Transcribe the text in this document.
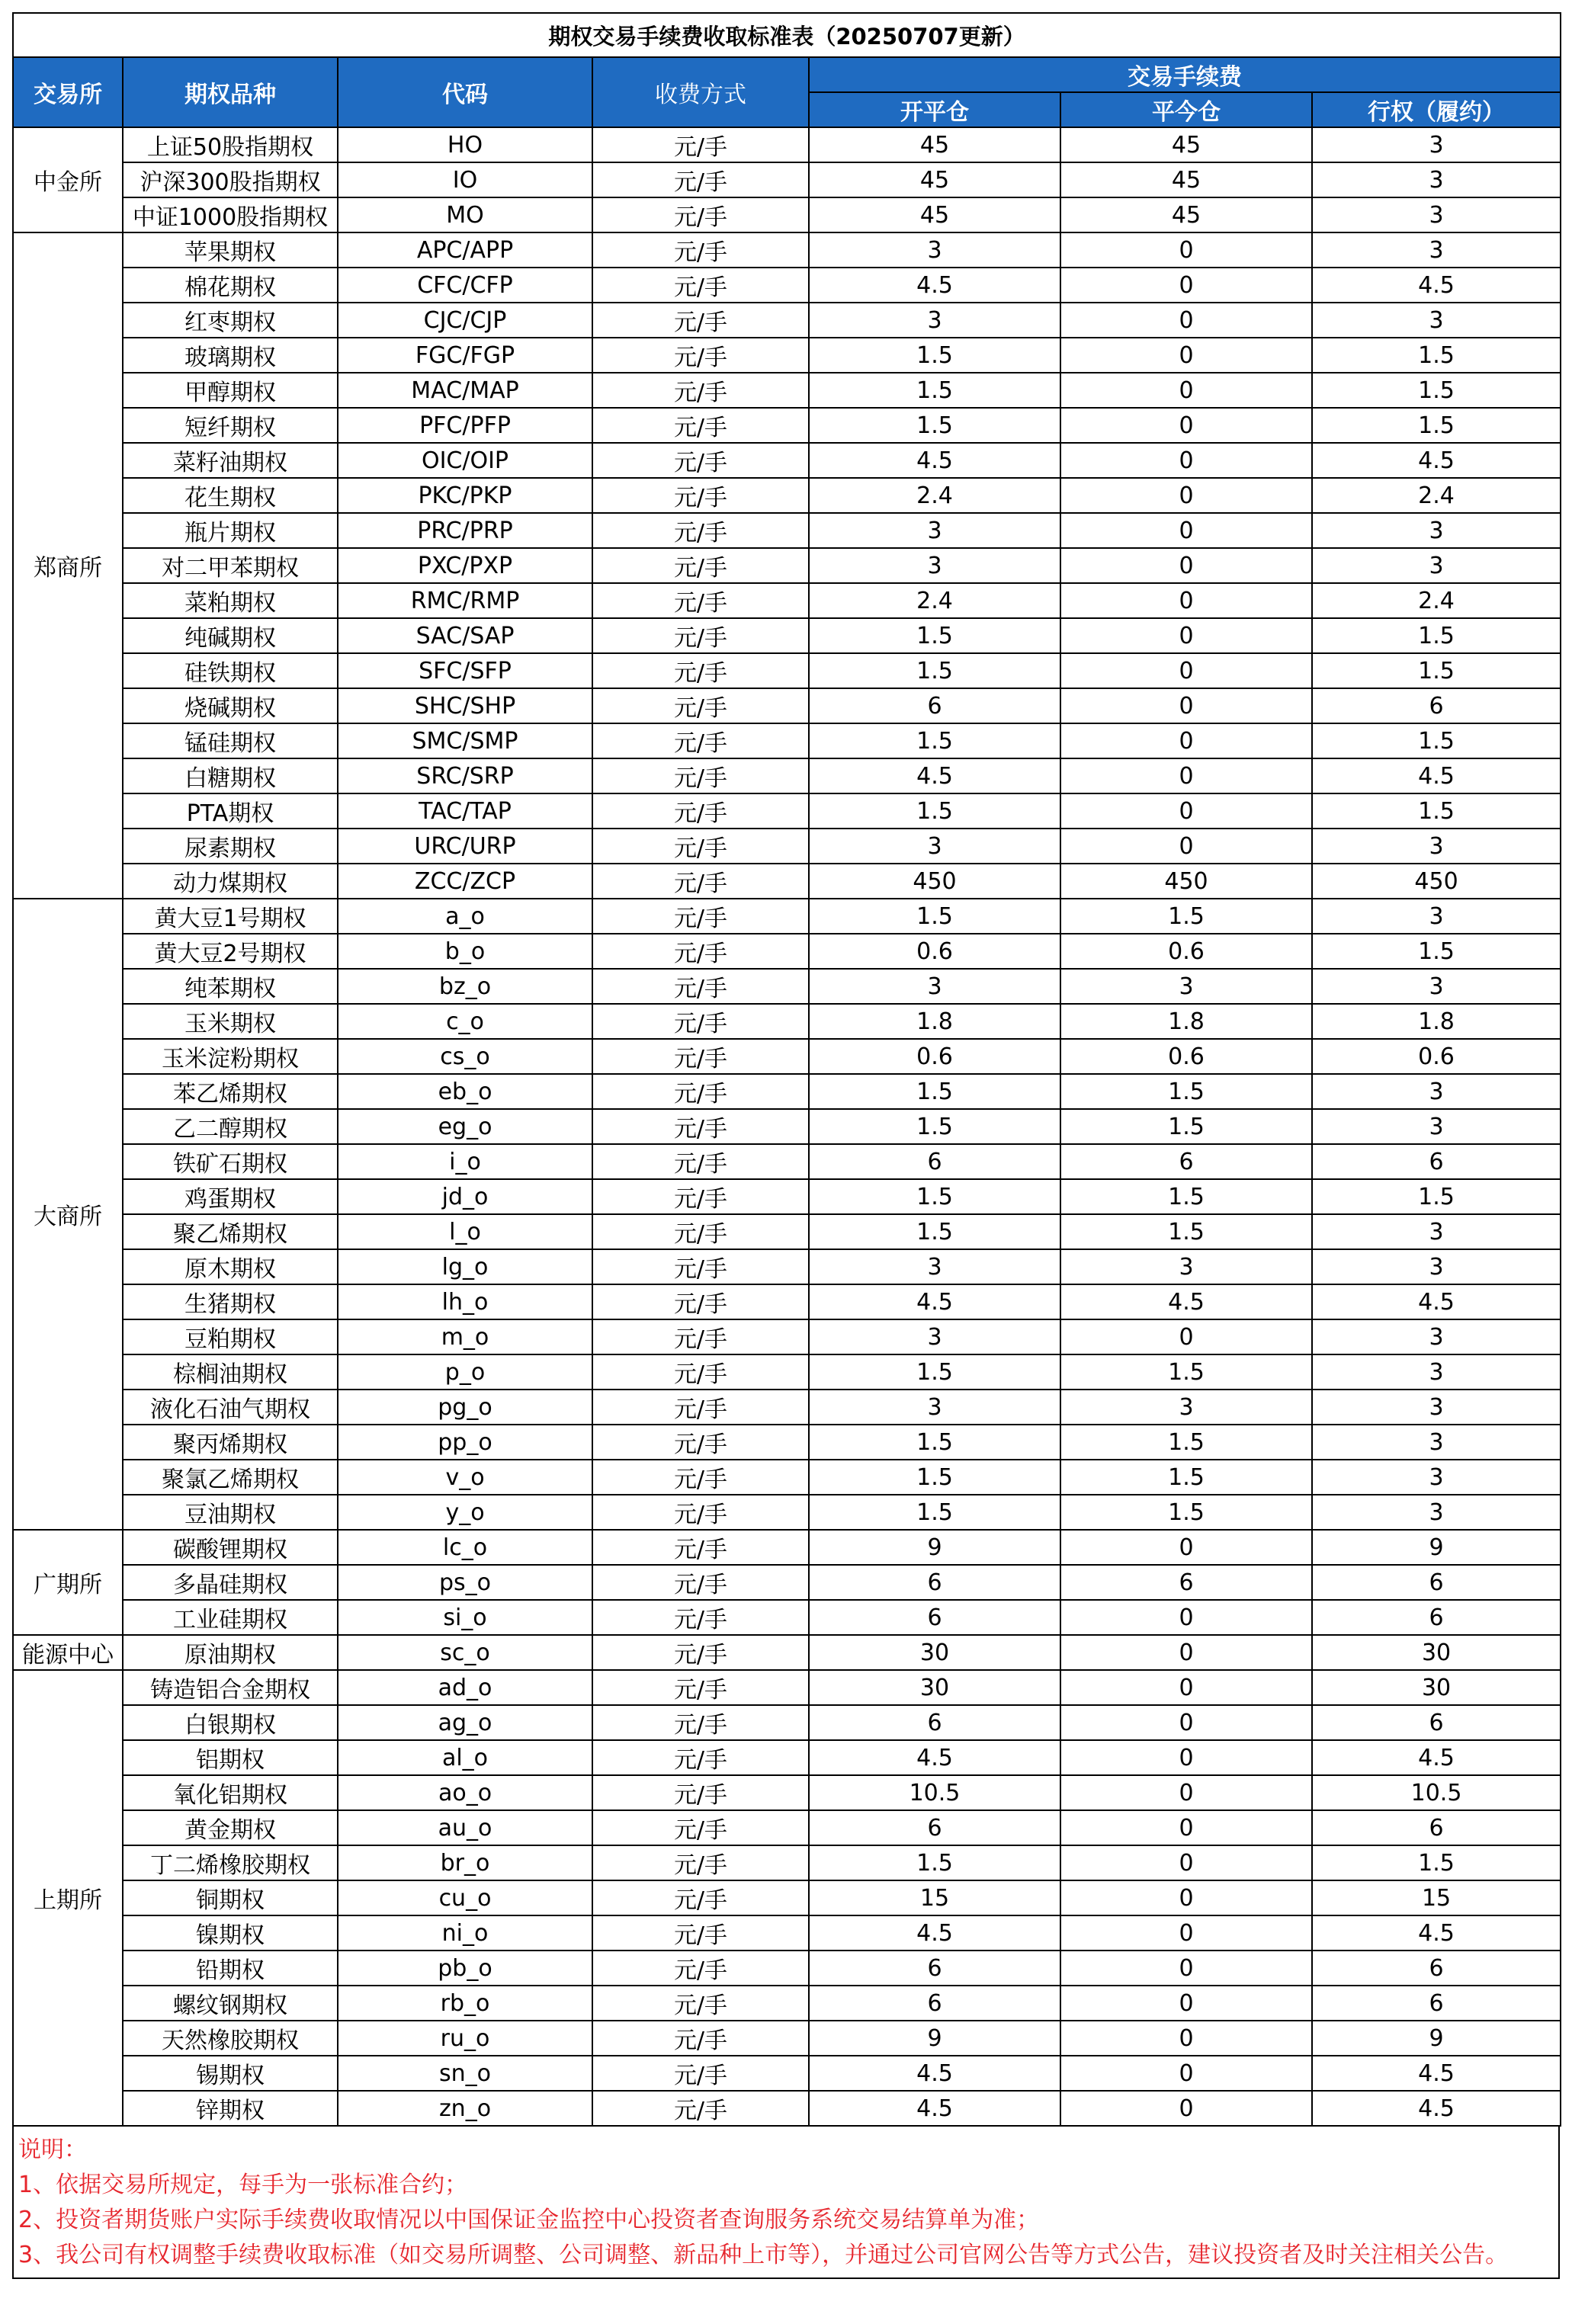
期权交易手续费收取标准表（20250707更新）						
交易所	期权品种	代码	收费方式	交易手续费		
				开平仓	平今仓	行权（履约）
中金所	上证50股指期权	HO	元/手	45	45	3
	沪深300股指期权	IO	元/手	45	45	3
	中证1000股指期权	MO	元/手	45	45	3
郑商所	苹果期权	APC/APP	元/手	3	0	3
	棉花期权	CFC/CFP	元/手	4.5	0	4.5
	红枣期权	CJC/CJP	元/手	3	0	3
	玻璃期权	FGC/FGP	元/手	1.5	0	1.5
	甲醇期权	MAC/MAP	元/手	1.5	0	1.5
	短纤期权	PFC/PFP	元/手	1.5	0	1.5
	菜籽油期权	OIC/OIP	元/手	4.5	0	4.5
	花生期权	PKC/PKP	元/手	2.4	0	2.4
	瓶片期权	PRC/PRP	元/手	3	0	3
	对二甲苯期权	PXC/PXP	元/手	3	0	3
	菜粕期权	RMC/RMP	元/手	2.4	0	2.4
	纯碱期权	SAC/SAP	元/手	1.5	0	1.5
	硅铁期权	SFC/SFP	元/手	1.5	0	1.5
	烧碱期权	SHC/SHP	元/手	6	0	6
	锰硅期权	SMC/SMP	元/手	1.5	0	1.5
	白糖期权	SRC/SRP	元/手	4.5	0	4.5
	PTA期权	TAC/TAP	元/手	1.5	0	1.5
	尿素期权	URC/URP	元/手	3	0	3
	动力煤期权	ZCC/ZCP	元/手	450	450	450
大商所	黄大豆1号期权	a_o	元/手	1.5	1.5	3
	黄大豆2号期权	b_o	元/手	0.6	0.6	1.5
	纯苯期权	bz_o	元/手	3	3	3
	玉米期权	c_o	元/手	1.8	1.8	1.8
	玉米淀粉期权	cs_o	元/手	0.6	0.6	0.6
	苯乙烯期权	eb_o	元/手	1.5	1.5	3
	乙二醇期权	eg_o	元/手	1.5	1.5	3
	铁矿石期权	i_o	元/手	6	6	6
	鸡蛋期权	jd_o	元/手	1.5	1.5	1.5
	聚乙烯期权	l_o	元/手	1.5	1.5	3
	原木期权	lg_o	元/手	3	3	3
	生猪期权	lh_o	元/手	4.5	4.5	4.5
	豆粕期权	m_o	元/手	3	0	3
	棕榈油期权	p_o	元/手	1.5	1.5	3
	液化石油气期权	pg_o	元/手	3	3	3
	聚丙烯期权	pp_o	元/手	1.5	1.5	3
	聚氯乙烯期权	v_o	元/手	1.5	1.5	3
	豆油期权	y_o	元/手	1.5	1.5	3
广期所	碳酸锂期权	lc_o	元/手	9	0	9
	多晶硅期权	ps_o	元/手	6	6	6
	工业硅期权	si_o	元/手	6	0	6
能源中心	原油期权	sc_o	元/手	30	0	30
上期所	铸造铝合金期权	ad_o	元/手	30	0	30
	白银期权	ag_o	元/手	6	0	6
	铝期权	al_o	元/手	4.5	0	4.5
	氧化铝期权	ao_o	元/手	10.5	0	10.5
	黄金期权	au_o	元/手	6	0	6
	丁二烯橡胶期权	br_o	元/手	1.5	0	1.5
	铜期权	cu_o	元/手	15	0	15
	镍期权	ni_o	元/手	4.5	0	4.5
	铅期权	pb_o	元/手	6	0	6
	螺纹钢期权	rb_o	元/手	6	0	6
	天然橡胶期权	ru_o	元/手	9	0	9
	锡期权	sn_o	元/手	4.5	0	4.5
	锌期权	zn_o	元/手	4.5	0	4.5
说明：
1、依据交易所规定，每手为一张标准合约；
2、投资者期货账户实际手续费收取情况以中国保证金监控中心投资者查询服务系统交易结算单为准；
3、我公司有权调整手续费收取标准（如交易所调整、公司调整、新品种上市等），并通过公司官网公告等方式公告，建议投资者及时关注相关公告。
